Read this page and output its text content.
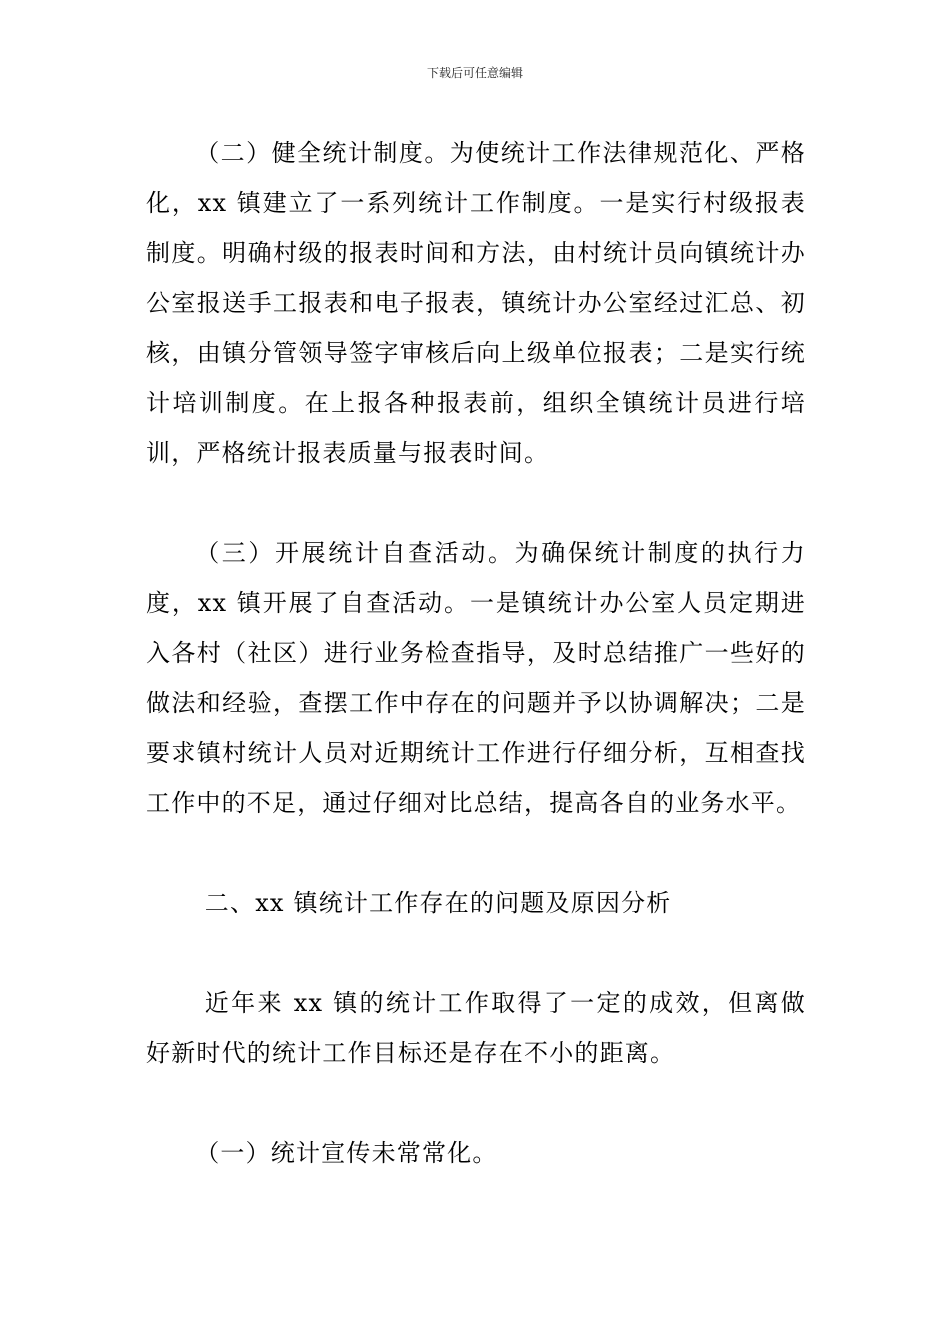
下载后可任意编辑

（二）健全统计制度。为使统计工作法律规范化、严格化，xx 镇建立了一系列统计工作制度。一是实行村级报表制度。明确村级的报表时间和方法，由村统计员向镇统计办公室报送手工报表和电子报表，镇统计办公室经过汇总、初核，由镇分管领导签字审核后向上级单位报表；二是实行统计培训制度。在上报各种报表前，组织全镇统计员进行培训，严格统计报表质量与报表时间。

（三）开展统计自查活动。为确保统计制度的执行力度，xx 镇开展了自查活动。一是镇统计办公室人员定期进入各村（社区）进行业务检查指导，及时总结推广一些好的做法和经验，查摆工作中存在的问题并予以协调解决；二是要求镇村统计人员对近期统计工作进行仔细分析，互相查找工作中的不足，通过仔细对比总结，提高各自的业务水平。

二、xx 镇统计工作存在的问题及原因分析

近年来 xx 镇的统计工作取得了一定的成效，但离做好新时代的统计工作目标还是存在不小的距离。

（一）统计宣传未常常化。
